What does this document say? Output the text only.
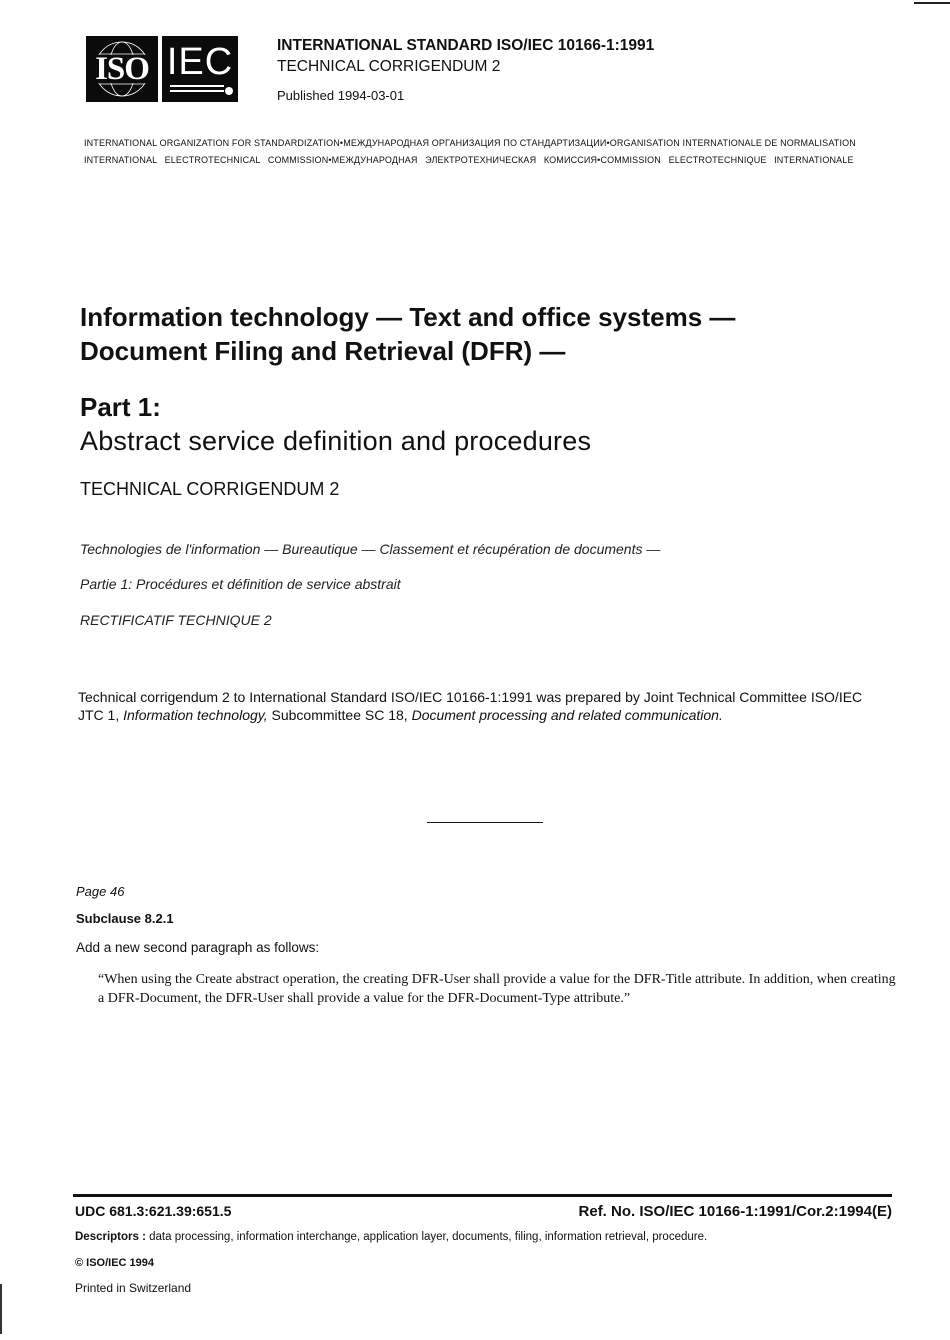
ISO IEC	INTERNATIONAL STANDARD ISO/IEC 10166-1:1991
TECHNICAL CORRIGENDUM 2
Published 1994-03-01
INTERNATIONAL ORGANIZATION FOR STANDARDIZATION•МЕЖДУНАРОДНАЯ ОРГАНИЗАЦИЯ ПО СТАНДАРТИЗАЦИИ•ORGANISATION INTERNATIONALE DE NORMALISATION
INTERNATIONAL ELECTROTECHNICAL COMMISSION•МЕЖДУНАРОДНАЯ ЭЛЕКТРОТЕХНИЧЕСКАЯ КОМИССИЯ•COMMISSION ELECTROTECHNIQUE INTERNATIONALE
Information technology — Text and office systems —
Document Filing and Retrieval (DFR) —
Part 1:
Abstract service definition and procedures
TECHNICAL CORRIGENDUM 2
Technologies de l'information — Bureautique — Classement et récupération de documents —
Partie 1: Procédures et définition de service abstrait
RECTIFICATIF TECHNIQUE 2
Technical corrigendum 2 to International Standard ISO/IEC 10166-1:1991 was prepared by Joint Technical Committee ISO/IEC JTC 1, Information technology, Subcommittee SC 18, Document processing and related communication.
Page 46
Subclause 8.2.1
Add a new second paragraph as follows:
“When using the Create abstract operation, the creating DFR-User shall provide a value for the DFR-Title attribute. In addition, when creating a DFR-Document, the DFR-User shall provide a value for the DFR-Document-Type attribute.”
UDC 681.3:621.39:651.5	Ref. No. ISO/IEC 10166-1:1991/Cor.2:1994(E)
Descriptors : data processing, information interchange, application layer, documents, filing, information retrieval, procedure.
© ISO/IEC 1994
Printed in Switzerland
